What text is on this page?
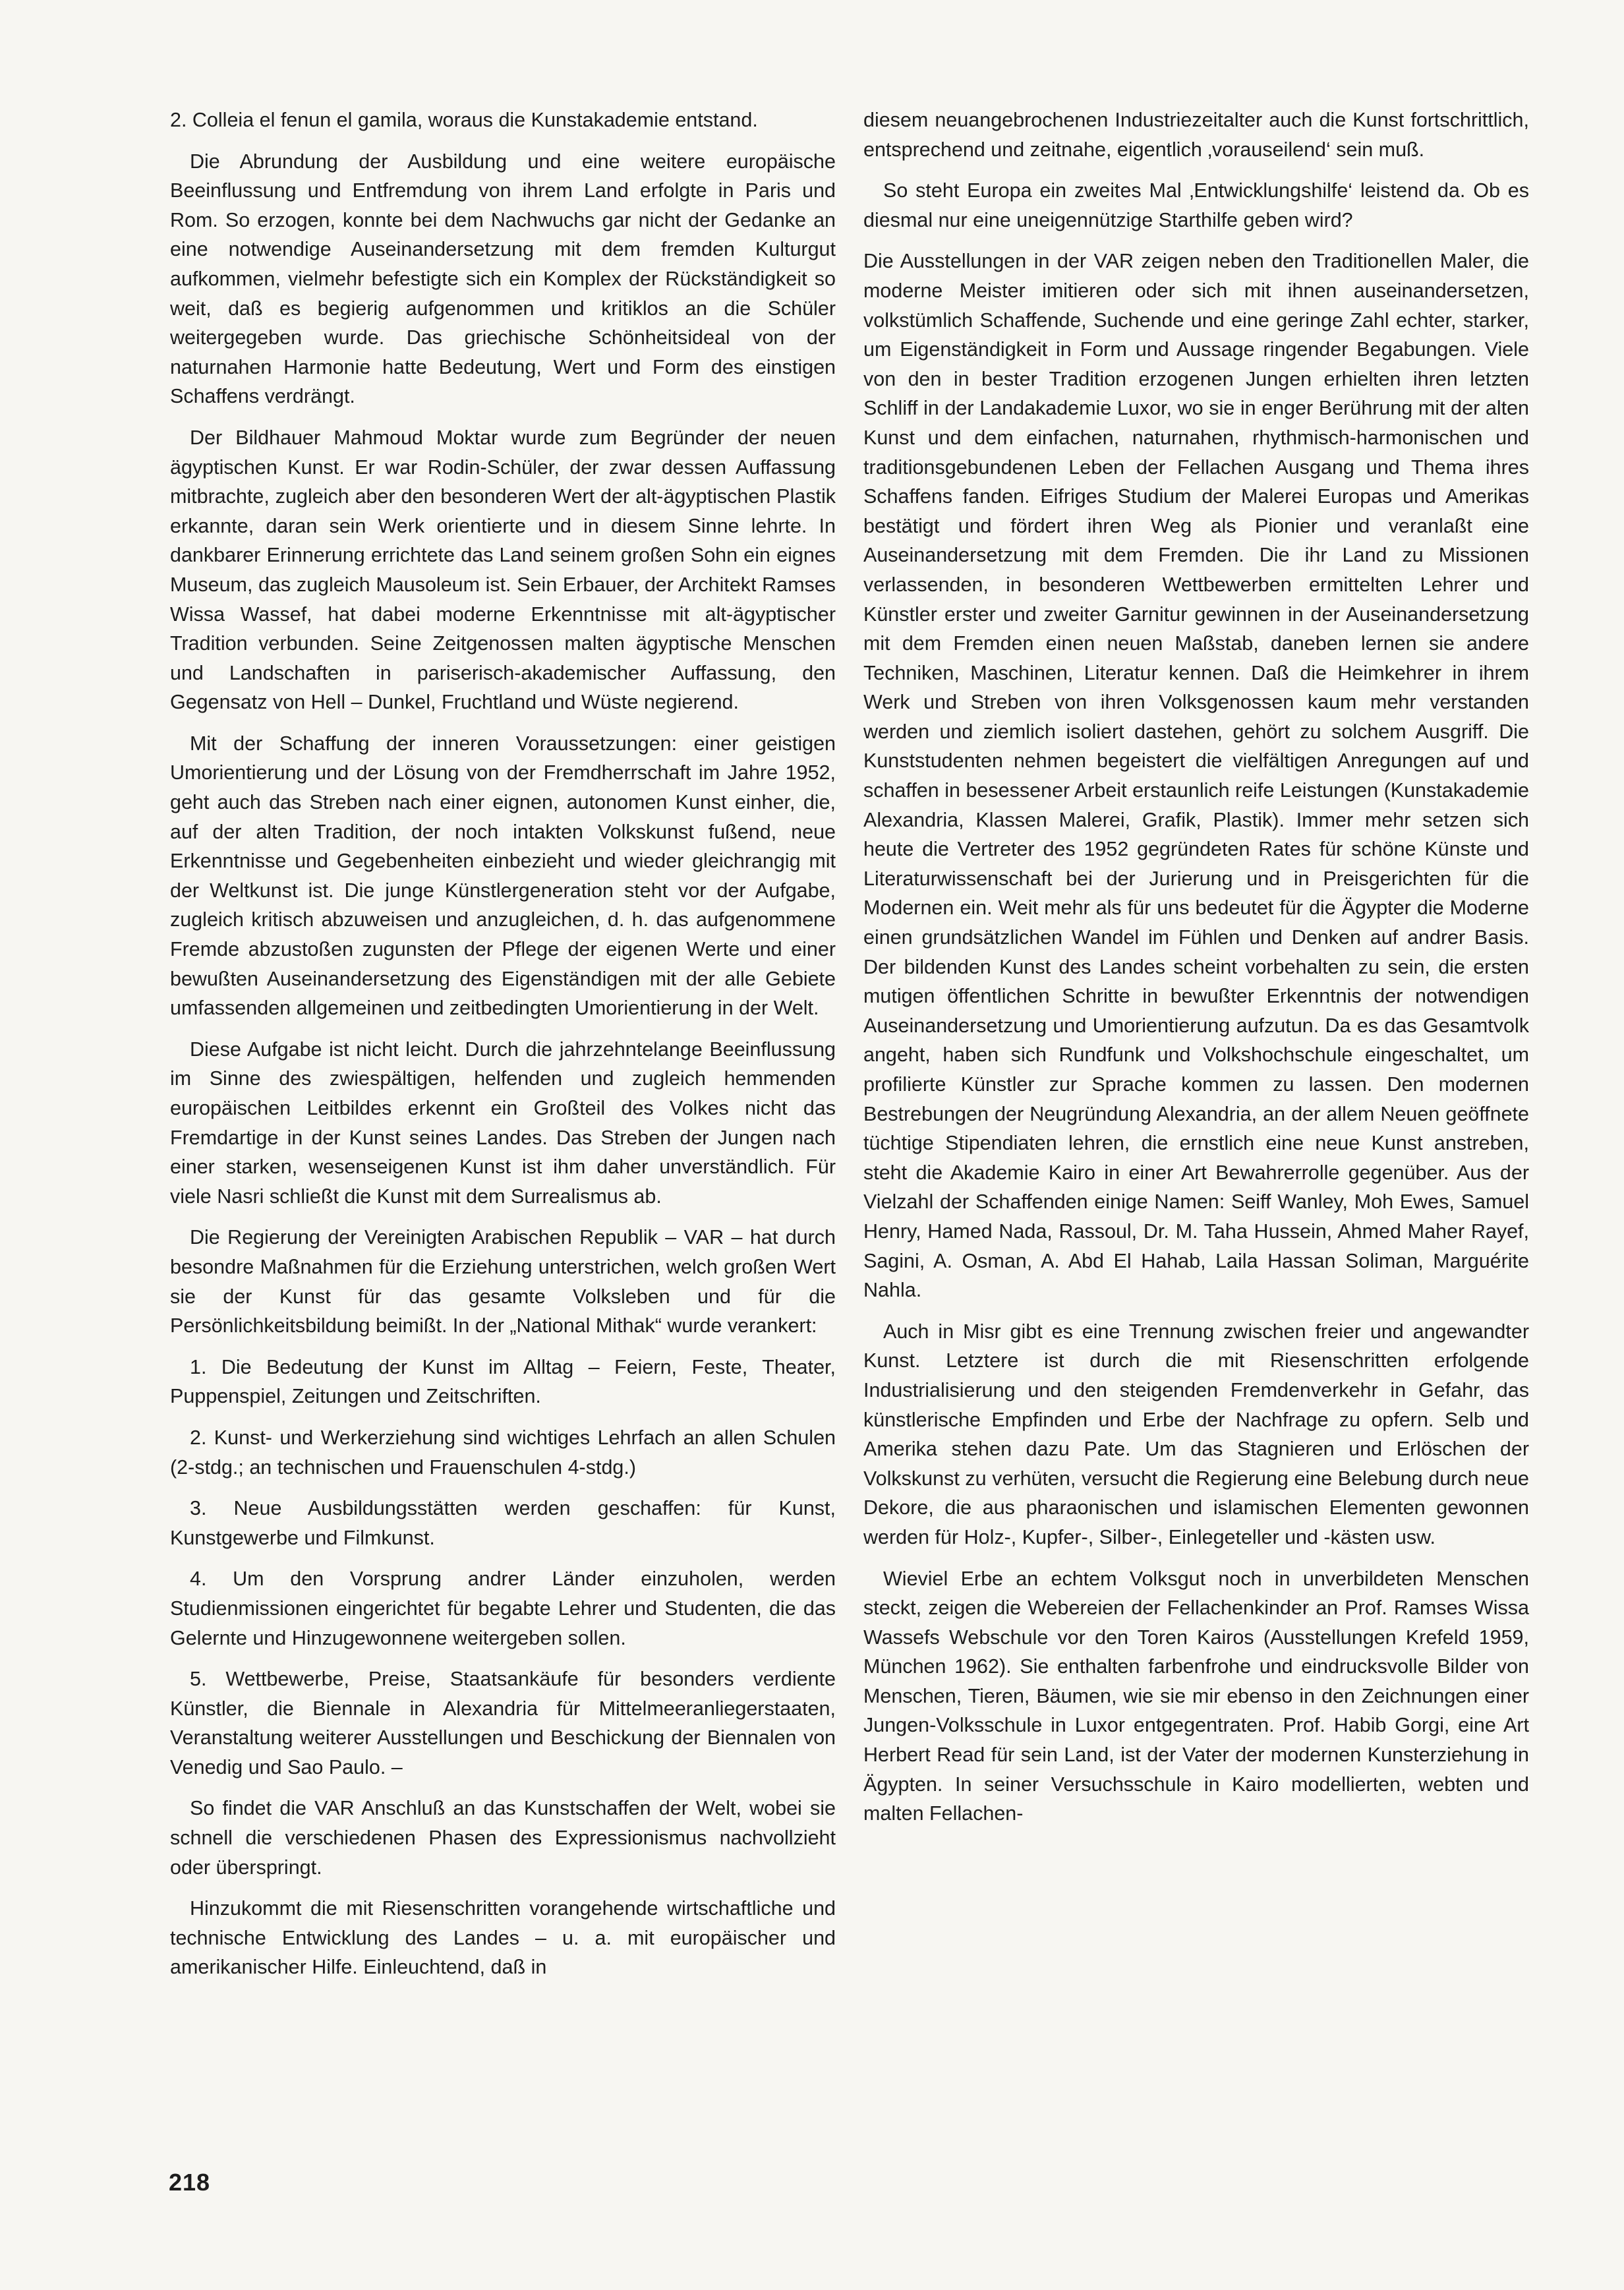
2. Colleia el fenun el gamila, woraus die Kunstakademie entstand.

Die Abrundung der Ausbildung und eine weitere europäische Beeinflussung und Entfremdung von ihrem Land erfolgte in Paris und Rom. So erzogen, konnte bei dem Nachwuchs gar nicht der Gedanke an eine notwendige Auseinandersetzung mit dem fremden Kulturgut aufkommen, vielmehr befestigte sich ein Komplex der Rückständigkeit so weit, daß es begierig aufgenommen und kritiklos an die Schüler weitergegeben wurde. Das griechische Schönheitsideal von der naturnahen Harmonie hatte Bedeutung, Wert und Form des einstigen Schaffens verdrängt.

Der Bildhauer Mahmoud Moktar wurde zum Begründer der neuen ägyptischen Kunst. Er war Rodin-Schüler, der zwar dessen Auffassung mitbrachte, zugleich aber den besonderen Wert der alt-ägyptischen Plastik erkannte, daran sein Werk orientierte und in diesem Sinne lehrte. In dankbarer Erinnerung errichtete das Land seinem großen Sohn ein eignes Museum, das zugleich Mausoleum ist. Sein Erbauer, der Architekt Ramses Wissa Wassef, hat dabei moderne Erkenntnisse mit alt-ägyptischer Tradition verbunden. Seine Zeitgenossen malten ägyptische Menschen und Landschaften in pariserisch-akademischer Auffassung, den Gegensatz von Hell – Dunkel, Fruchtland und Wüste negierend.

Mit der Schaffung der inneren Voraussetzungen: einer geistigen Umorientierung und der Lösung von der Fremdherrschaft im Jahre 1952, geht auch das Streben nach einer eignen, autonomen Kunst einher, die, auf der alten Tradition, der noch intakten Volkskunst fußend, neue Erkenntnisse und Gegebenheiten einbezieht und wieder gleichrangig mit der Weltkunst ist. Die junge Künstlergeneration steht vor der Aufgabe, zugleich kritisch abzuweisen und anzugleichen, d. h. das aufgenommene Fremde abzustoßen zugunsten der Pflege der eigenen Werte und einer bewußten Auseinandersetzung des Eigenständigen mit der alle Gebiete umfassenden allgemeinen und zeitbedingten Umorientierung in der Welt.

Diese Aufgabe ist nicht leicht. Durch die jahrzehntelange Beeinflussung im Sinne des zwiespältigen, helfenden und zugleich hemmenden europäischen Leitbildes erkennt ein Großteil des Volkes nicht das Fremdartige in der Kunst seines Landes. Das Streben der Jungen nach einer starken, wesenseigenen Kunst ist ihm daher unverständlich. Für viele Nasri schließt die Kunst mit dem Surrealismus ab.

Die Regierung der Vereinigten Arabischen Republik – VAR – hat durch besondre Maßnahmen für die Erziehung unterstrichen, welch großen Wert sie der Kunst für das gesamte Volksleben und für die Persönlichkeitsbildung beimißt. In der „National Mithak“ wurde verankert:

1. Die Bedeutung der Kunst im Alltag – Feiern, Feste, Theater, Puppenspiel, Zeitungen und Zeitschriften.

2. Kunst- und Werkerziehung sind wichtiges Lehrfach an allen Schulen (2-stdg.; an technischen und Frauenschulen 4-stdg.)

3. Neue Ausbildungsstätten werden geschaffen: für Kunst, Kunstgewerbe und Filmkunst.

4. Um den Vorsprung andrer Länder einzuholen, werden Studienmissionen eingerichtet für begabte Lehrer und Studenten, die das Gelernte und Hinzugewonnene weitergeben sollen.

5. Wettbewerbe, Preise, Staatsankäufe für besonders verdiente Künstler, die Biennale in Alexandria für Mittelmeeranliegerstaaten, Veranstaltung weiterer Ausstellungen und Beschickung der Biennalen von Venedig und Sao Paulo. –

So findet die VAR Anschluß an das Kunstschaffen der Welt, wobei sie schnell die verschiedenen Phasen des Expressionismus nachvollzieht oder überspringt.

Hinzukommt die mit Riesenschritten vorangehende wirtschaftliche und technische Entwicklung des Landes – u. a. mit europäischer und amerikanischer Hilfe. Einleuchtend, daß in

diesem neuangebrochenen Industriezeitalter auch die Kunst fortschrittlich, entsprechend und zeitnahe, eigentlich ‚vorauseilend‘ sein muß.

So steht Europa ein zweites Mal ‚Entwicklungshilfe‘ leistend da. Ob es diesmal nur eine uneigennützige Starthilfe geben wird?

Die Ausstellungen in der VAR zeigen neben den Traditionellen Maler, die moderne Meister imitieren oder sich mit ihnen auseinandersetzen, volkstümlich Schaffende, Suchende und eine geringe Zahl echter, starker, um Eigenständigkeit in Form und Aussage ringender Begabungen. Viele von den in bester Tradition erzogenen Jungen erhielten ihren letzten Schliff in der Landakademie Luxor, wo sie in enger Berührung mit der alten Kunst und dem einfachen, naturnahen, rhythmisch-harmonischen und traditionsgebundenen Leben der Fellachen Ausgang und Thema ihres Schaffens fanden. Eifriges Studium der Malerei Europas und Amerikas bestätigt und fördert ihren Weg als Pionier und veranlaßt eine Auseinandersetzung mit dem Fremden. Die ihr Land zu Missionen verlassenden, in besonderen Wettbewerben ermittelten Lehrer und Künstler erster und zweiter Garnitur gewinnen in der Auseinandersetzung mit dem Fremden einen neuen Maßstab, daneben lernen sie andere Techniken, Maschinen, Literatur kennen. Daß die Heimkehrer in ihrem Werk und Streben von ihren Volksgenossen kaum mehr verstanden werden und ziemlich isoliert dastehen, gehört zu solchem Ausgriff. Die Kunststudenten nehmen begeistert die vielfältigen Anregungen auf und schaffen in besessener Arbeit erstaunlich reife Leistungen (Kunstakademie Alexandria, Klassen Malerei, Grafik, Plastik). Immer mehr setzen sich heute die Vertreter des 1952 gegründeten Rates für schöne Künste und Literaturwissenschaft bei der Jurierung und in Preisgerichten für die Modernen ein. Weit mehr als für uns bedeutet für die Ägypter die Moderne einen grundsätzlichen Wandel im Fühlen und Denken auf andrer Basis. Der bildenden Kunst des Landes scheint vorbehalten zu sein, die ersten mutigen öffentlichen Schritte in bewußter Erkenntnis der notwendigen Auseinandersetzung und Umorientierung aufzutun. Da es das Gesamtvolk angeht, haben sich Rundfunk und Volkshochschule eingeschaltet, um profilierte Künstler zur Sprache kommen zu lassen. Den modernen Bestrebungen der Neugründung Alexandria, an der allem Neuen geöffnete tüchtige Stipendiaten lehren, die ernstlich eine neue Kunst anstreben, steht die Akademie Kairo in einer Art Bewahrerrolle gegenüber. Aus der Vielzahl der Schaffenden einige Namen: Seiff Wanley, Moh Ewes, Samuel Henry, Hamed Nada, Rassoul, Dr. M. Taha Hussein, Ahmed Maher Rayef, Sagini, A. Osman, A. Abd El Hahab, Laila Hassan Soliman, Marguérite Nahla.

Auch in Misr gibt es eine Trennung zwischen freier und angewandter Kunst. Letztere ist durch die mit Riesenschritten erfolgende Industrialisierung und den steigenden Fremdenverkehr in Gefahr, das künstlerische Empfinden und Erbe der Nachfrage zu opfern. Selb und Amerika stehen dazu Pate. Um das Stagnieren und Erlöschen der Volkskunst zu verhüten, versucht die Regierung eine Belebung durch neue Dekore, die aus pharaonischen und islamischen Elementen gewonnen werden für Holz-, Kupfer-, Silber-, Einlegeteller und -kästen usw.

Wieviel Erbe an echtem Volksgut noch in unverbildeten Menschen steckt, zeigen die Webereien der Fellachenkinder an Prof. Ramses Wissa Wassefs Webschule vor den Toren Kairos (Ausstellungen Krefeld 1959, München 1962). Sie enthalten farbenfrohe und eindrucksvolle Bilder von Menschen, Tieren, Bäumen, wie sie mir ebenso in den Zeichnungen einer Jungen-Volksschule in Luxor entgegentraten. Prof. Habib Gorgi, eine Art Herbert Read für sein Land, ist der Vater der modernen Kunsterziehung in Ägypten. In seiner Versuchsschule in Kairo modellierten, webten und malten Fellachen-

218
